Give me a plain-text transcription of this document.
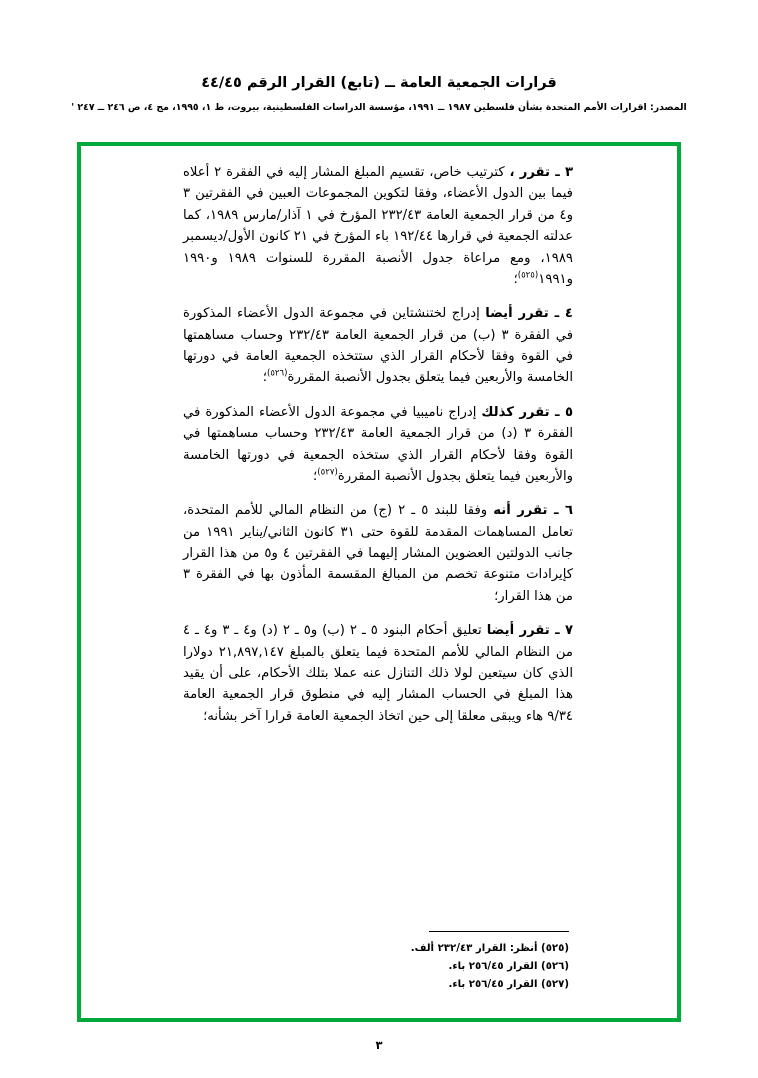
قرارات الجمعية العامة ــ (تابع) القرار الرقم ٤٤/٤٥
المصدر: اقرارات الأمم المتحدة بشأن فلسطين ١٩٨٧ ــ ١٩٩١، مؤسسة الدراسات الفلسطينية، بيروت، ط ١، ١٩٩٥، مج ٤، ص ٢٤٦ ــ ٢٤٧ '

٣ ـ تقرر ، كترتيب خاص، تقسيم المبلغ المشار إليه في الفقرة ٢ أعلاه فيما بين الدول الأعضاء، وفقا لتكوين المجموعات العبين في الفقرتين ٣ و٤ من قرار الجمعية العامة ٢٣٢/٤٣ المؤرخ في ١ آذار/مارس ١٩٨٩، كما عدلته الجمعية في قرارها ١٩٢/٤٤ باء المؤرخ في ٢١ كانون الأول/ديسمبر ١٩٨٩، ومع مراعاة جدول الأنصبة المقررة للسنوات ١٩٨٩ و١٩٩٠ و١٩٩١$^{(٥٢٥)}$؛

٤ ـ تقرر أيضا إدراج لختنشتاين في مجموعة الدول الأعضاء المذكورة في الفقرة ٣ (ب) من قرار الجمعية العامة ٢٣٢/٤٣ وحساب مساهمتها في القوة وفقا لأحكام القرار الذي ستتخذه الجمعية العامة في دورتها الخامسة والأربعين فيما يتعلق بجدول الأنصبة المقررة$^{(٥٢٦)}$؛

٥ ـ تقرر كذلك إدراج ناميبيا في مجموعة الدول الأعضاء المذكورة في الفقرة ٣ (د) من قرار الجمعية العامة ٢٣٢/٤٣ وحساب مساهمتها في القوة وفقا لأحكام القرار الذي ستخذه الجمعية في دورتها الخامسة والأربعين فيما يتعلق بجدول الأنصبة المقررة$^{(٥٢٧)}$؛

٦ ـ تقرر أنه وفقا للبند ٥ ـ ٢ (ج) من النظام المالي للأمم المتحدة، تعامل المساهمات المقدمة للقوة حتى ٣١ كانون الثاني/يناير ١٩٩١ من جانب الدولتين العضوين المشار إليهما في الفقرتين ٤ و٥ من هذا القرار كإيرادات متنوعة تخصم من المبالغ المقسمة المأذون بها في الفقرة ٣ من هذا القرار؛

٧ ـ تقرر أيضا تعليق أحكام البنود ٥ ـ ٢ (ب) و٥ ـ ٢ (د) و٤ ـ ٣ و٤ ـ ٤ من النظام المالي للأمم المتحدة فيما يتعلق بالمبلغ ٢١,٨٩٧,١٤٧ دولارا الذي كان سيتعين لولا ذلك التنازل عنه عملا بتلك الأحكام، على أن يقيد هذا المبلغ في الحساب المشار إليه في منطوق قرار الجمعية العامة ٩/٣٤ هاء ويبقى معلقا إلى حين اتخاذ الجمعية العامة قرارا آخر بشأنه؛

(٥٢٥) أنظر: القرار ٢٣٢/٤٣ ألف.
(٥٢٦) القرار ٢٥٦/٤٥ باء.
(٥٢٧) القرار ٢٥٦/٤٥ باء.
٣
